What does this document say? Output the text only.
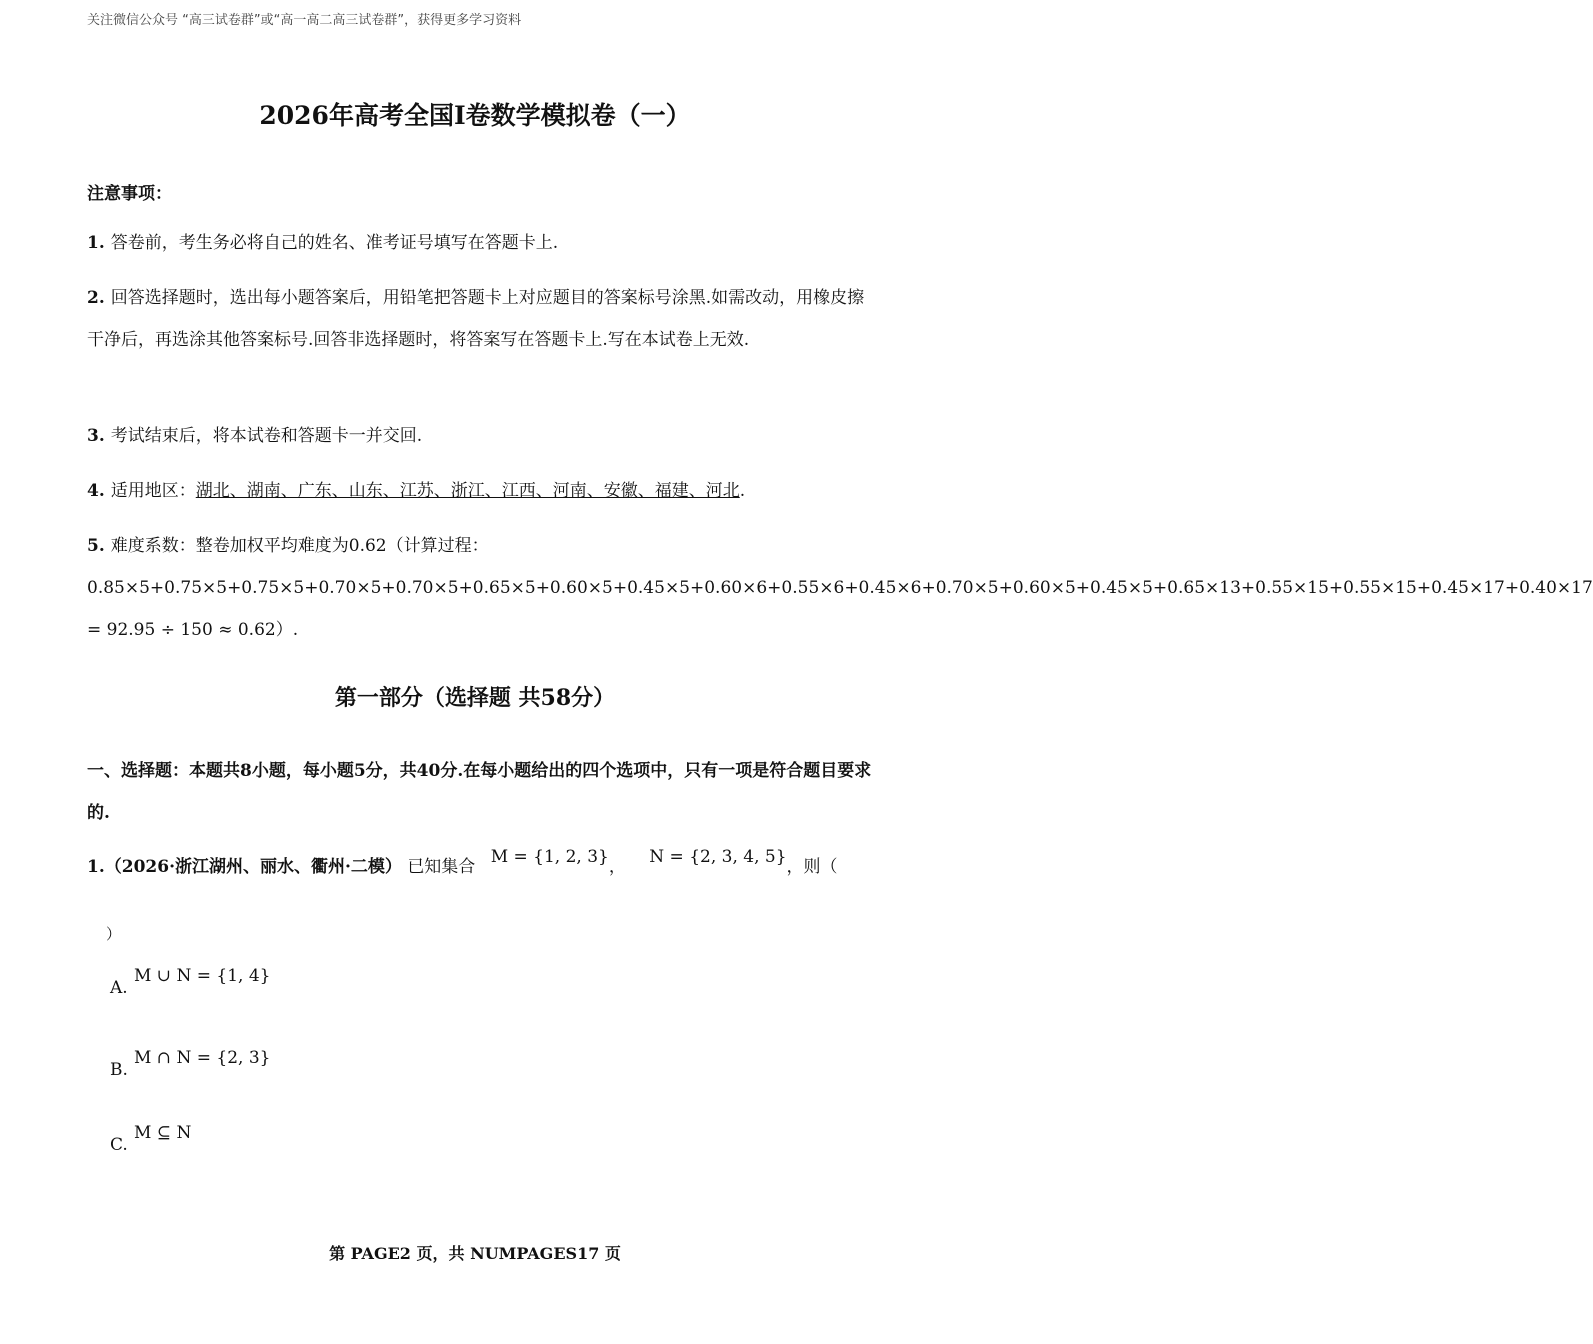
关注微信公众号 “高三试卷群”或“高一高二高三试卷群”，获得更多学习资料
2026年高考全国Ⅰ卷数学模拟卷（一）
注意事项：
1. 答卷前，考生务必将自己的姓名、准考证号填写在答题卡上.
2. 回答选择题时，选出每小题答案后，用铅笔把答题卡上对应题目的答案标号涂黑.如需改动，用橡皮擦干净后，再选涂其他答案标号.回答非选择题时，将答案写在答题卡上.写在本试卷上无效.
3. 考试结束后，将本试卷和答题卡一并交回.
4. 适用地区：湖北、湖南、广东、山东、江苏、浙江、江西、河南、安徽、福建、河北.
5. 难度系数：整卷加权平均难度为0.62（计算过程：0.85×5+0.75×5+0.75×5+0.70×5+0.70×5+0.65×5+0.60×5+0.45×5+0.60×6+0.55×6+0.45×6+0.70×5+0.60×5+0.45×5+0.65×13+0.55×15+0.55×15+0.45×17+0.40×17 = 92.95 ÷ 150 ≈ 0.62）.
第一部分（选择题 共58分）
一、选择题：本题共8小题，每小题5分，共40分.在每小题给出的四个选项中，只有一项是符合题目要求的.
1.（2026·浙江湖州、丽水、衢州·二模） 已知集合 M = {1, 2, 3}， N = {2, 3, 4, 5}，则（
）
A.M ∪ N = {1, 4}
B.M ∩ N = {2, 3}
C.M ⊆ N
第 PAGE2 页，共 NUMPAGES17 页
